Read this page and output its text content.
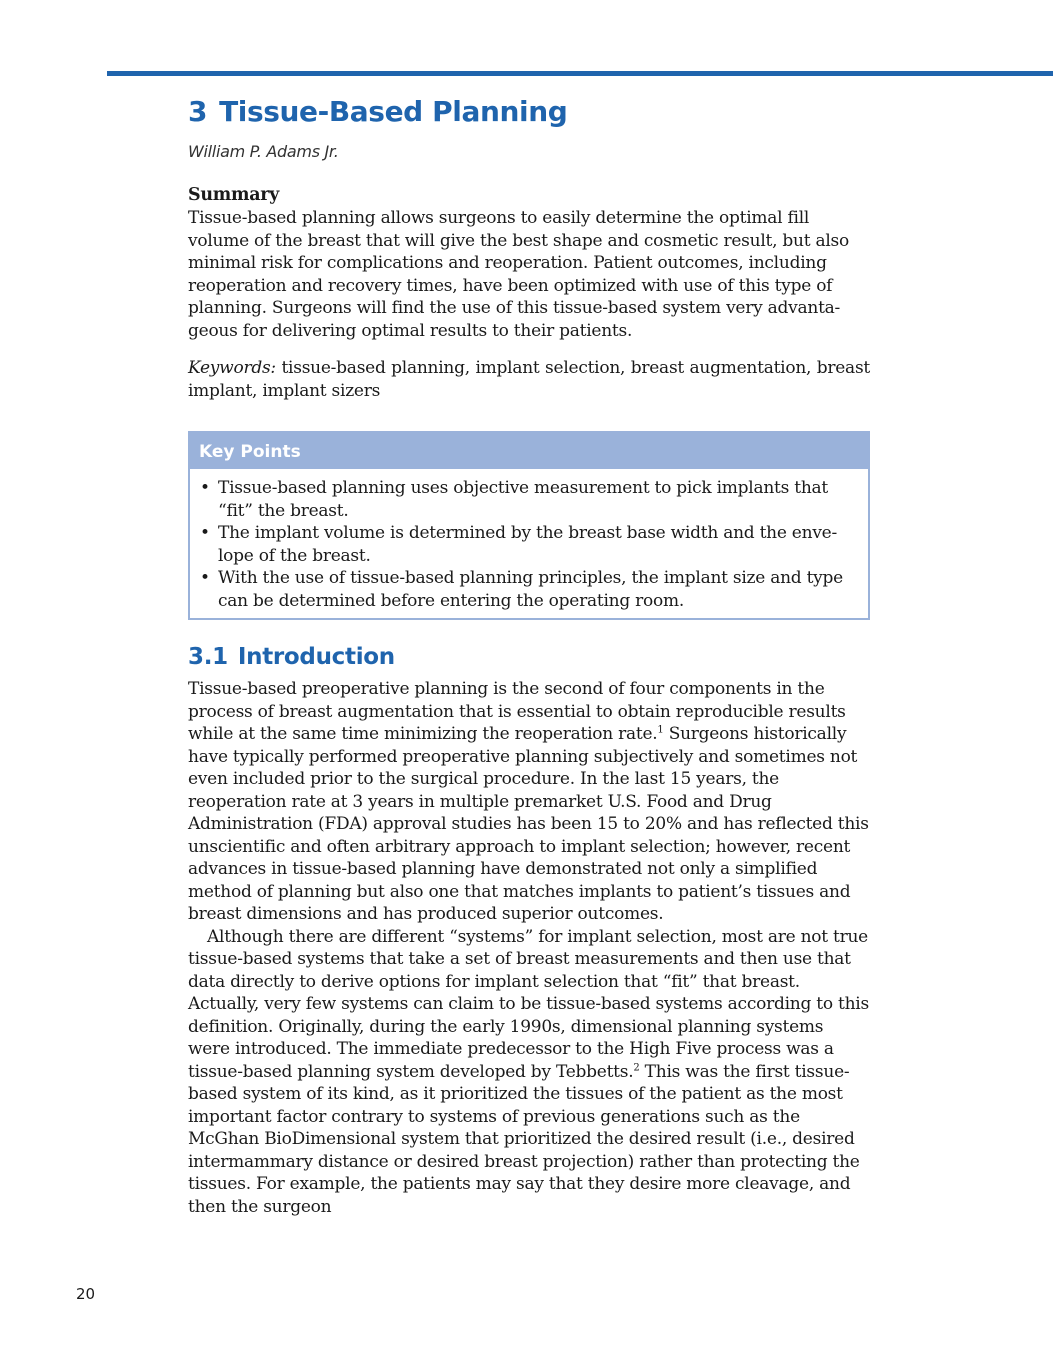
3 Tissue-Based Planning
William P. Adams Jr.
Summary

Tissue-based planning allows surgeons to easily determine the optimal fill volume of the breast that will give the best shape and cosmetic result, but also minimal risk for complications and reoperation. Patient outcomes, including reoperation and recovery times, have been optimized with use of this type of planning. Surgeons will find the use of this tissue-based system very advantageous for delivering optimal results to their patients.

Keywords: tissue-based planning, implant selection, breast augmentation, breast implant, implant sizers
Key Points
• Tissue-based planning uses objective measurement to pick implants that “fit” the breast.
• The implant volume is determined by the breast base width and the envelope of the breast.
• With the use of tissue-based planning principles, the implant size and type can be determined before entering the operating room.
3.1 Introduction

Tissue-based preoperative planning is the second of four components in the process of breast augmentation that is essential to obtain reproducible results while at the same time minimizing the reoperation rate.$^1$ Surgeons historically have typically performed preoperative planning subjectively and sometimes not even included prior to the surgical procedure. In the last 15 years, the reoperation rate at 3 years in multiple premarket U.S. Food and Drug Administration (FDA) approval studies has been 15 to 20% and has reflected this unscientific and often arbitrary approach to implant selection; however, recent advances in tissue-based planning have demonstrated not only a simplified method of planning but also one that matches implants to patient’s tissues and breast dimensions and has produced superior outcomes.

Although there are different “systems” for implant selection, most are not true tissue-based systems that take a set of breast measurements and then use that data directly to derive options for implant selection that “fit” that breast. Actually, very few systems can claim to be tissue-based systems according to this definition. Originally, during the early 1990s, dimensional planning systems were introduced. The immediate predecessor to the High Five process was a tissue-based planning system developed by Tebbetts.$^2$ This was the first tissue-based system of its kind, as it prioritized the tissues of the patient as the most important factor contrary to systems of previous generations such as the McGhan BioDimensional system that prioritized the desired result (i.e., desired intermammary distance or desired breast projection) rather than protecting the tissues. For example, the patients may say that they desire more cleavage, and then the surgeon

20
